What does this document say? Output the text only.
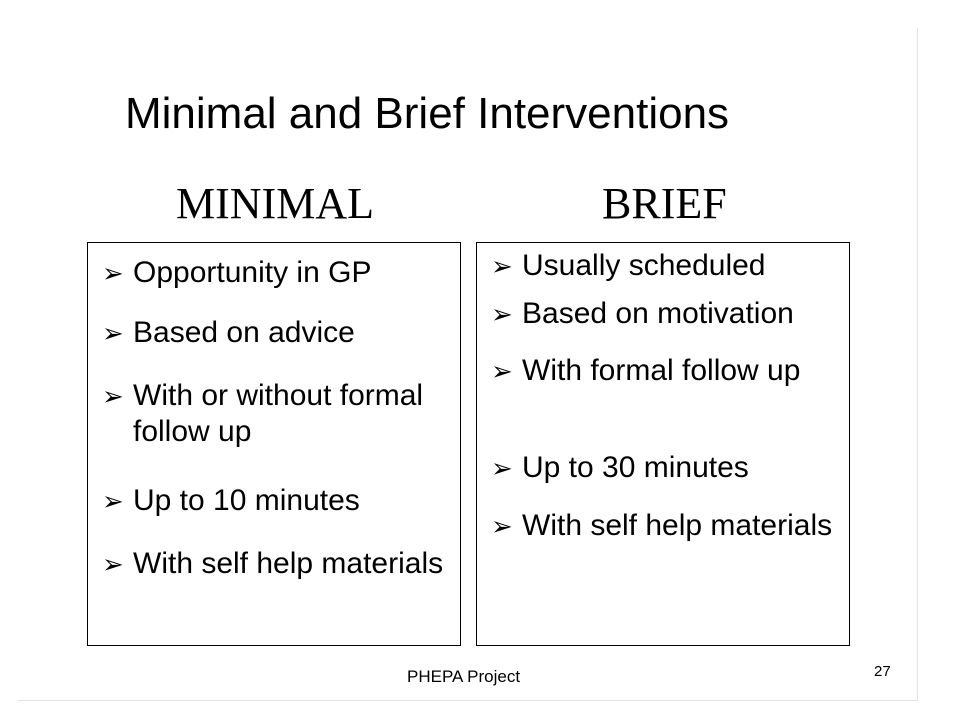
Minimal and Brief Interventions
MINIMAL	BRIEF
➢ Opportunity in GP
➢ Based on advice
➢ With or without formal follow up
➢ Up to 10 minutes
➢ With self help materials
➢ Usually scheduled
➢ Based on motivation
➢ With formal follow up
➢ Up to 30 minutes
➢ With self help materials
PHEPA Project	27
